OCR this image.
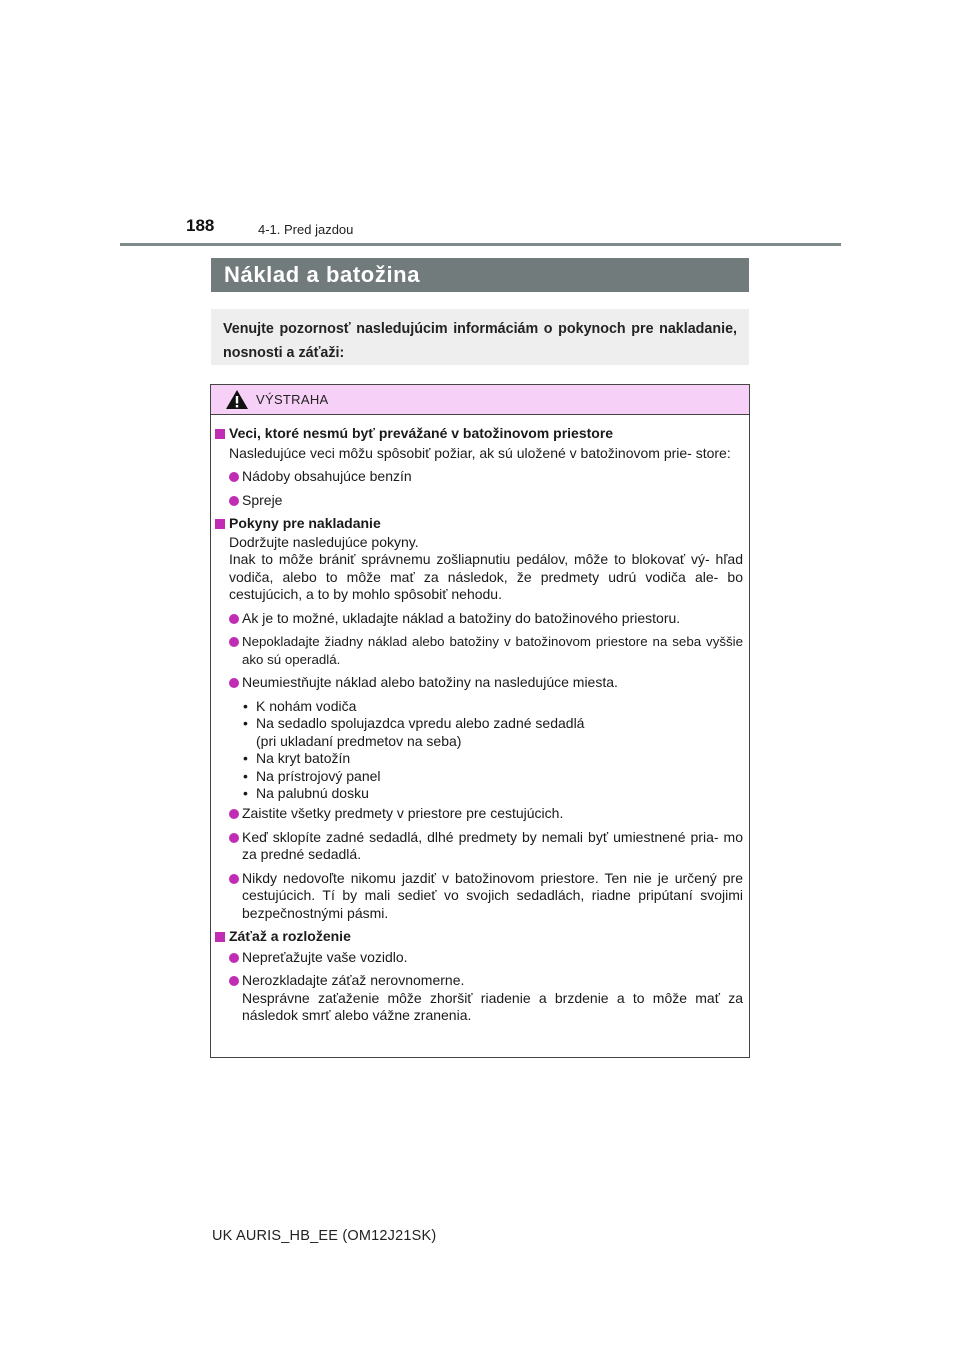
188	4-1. Pred jazdou
Náklad a batožina
Venujte pozornosť nasledujúcim informáciám o pokynoch pre nakladanie, nosnosti a záťaži:
VÝSTRAHA
Veci, ktoré nesmú byť prevážané v batožinovom priestore
Nasledujúce veci môžu spôsobiť požiar, ak sú uložené v batožinovom prie- store:
Nádoby obsahujúce benzín
Spreje
Pokyny pre nakladanie
Dodržujte nasledujúce pokyny.
Inak to môže brániť správnemu zošliapnutiu pedálov, môže to blokovať vý- hľad vodiča, alebo to môže mať za následok, že predmety udrú vodiča ale- bo cestujúcich, a to by mohlo spôsobiť nehodu.
Ak je to možné, ukladajte náklad a batožiny do batožinového priestoru.
Nepokladajte žiadny náklad alebo batožiny v batožinovom priestore na seba vyššie ako sú operadlá.
Neumiestňujte náklad alebo batožiny na nasledujúce miesta.
• K nohám vodiča
• Na sedadlo spolujazdca vpredu alebo zadné sedadlá
(pri ukladaní predmetov na seba)
• Na kryt batožín
• Na prístrojový panel
• Na palubnú dosku
Zaistite všetky predmety v priestore pre cestujúcich.
Keď sklopíte zadné sedadlá, dlhé predmety by nemali byť umiestnené pria- mo za predné sedadlá.
Nikdy nedovoľte nikomu jazdiť v batožinovom priestore. Ten nie je určený pre cestujúcich. Tí by mali sedieť vo svojich sedadlách, riadne pripútaní svojimi bezpečnostnými pásmi.
Záťaž a rozloženie
Nepreťažujte vaše vozidlo.
Nerozkladajte záťaž nerovnomerne.
Nesprávne zaťaženie môže zhoršiť riadenie a brzdenie a to môže mať za následok smrť alebo vážne zranenia.
UK AURIS_HB_EE (OM12J21SK)
